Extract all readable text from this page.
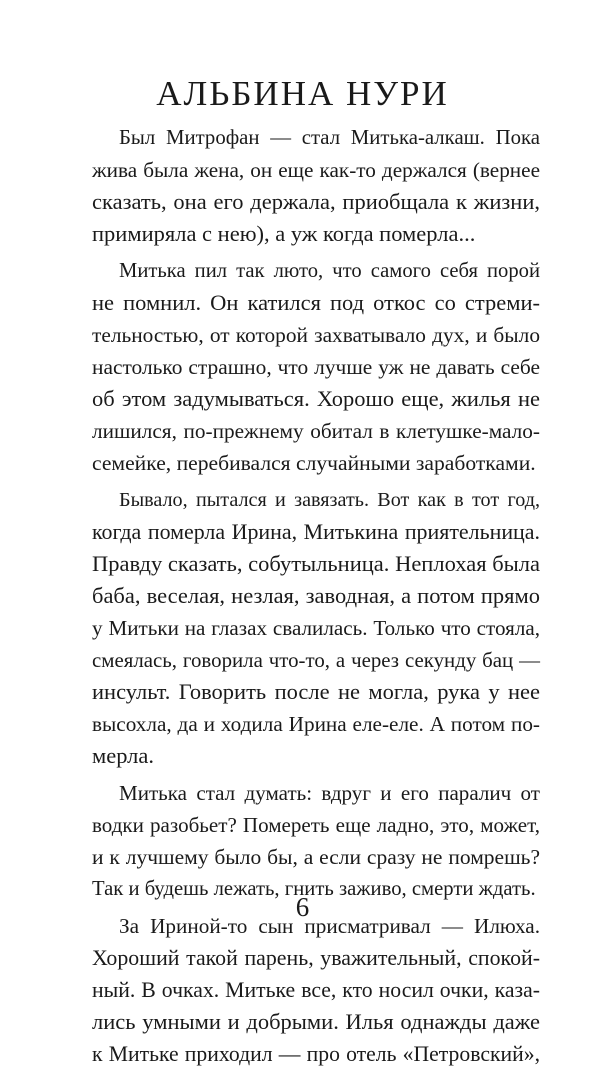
АЛЬБИНА НУРИ

Был Митрофан — стал Митька-алкаш. Пока
жива была жена, он еще как-то держался (вернее
сказать, она его держала, приобщала к жизни,
примиряла с нею), а уж когда померла...

Митька пил так люто, что самого себя порой
не помнил. Он катился под откос со стреми-
тельностью, от которой захватывало дух, и было
настолько страшно, что лучше уж не давать себе
об этом задумываться. Хорошо еще, жилья не
лишился, по-прежнему обитал в клетушке-мало-
семейке, перебивался случайными заработками.

Бывало, пытался и завязать. Вот как в тот год,
когда померла Ирина, Митькина приятельница.
Правду сказать, собутыльница. Неплохая была
баба, веселая, незлая, заводная, а потом прямо
у Митьки на глазах свалилась. Только что стояла,
смеялась, говорила что-то, а через секунду бац —
инсульт. Говорить после не могла, рука у нее
высохла, да и ходила Ирина еле-еле. А потом по-
мерла.

Митька стал думать: вдруг и его паралич от
водки разобьет? Помереть еще ладно, это, может,
и к лучшему было бы, а если сразу не помрешь?
Так и будешь лежать, гнить заживо, смерти ждать.

За Ириной-то сын присматривал — Илюха.
Хороший такой парень, уважительный, спокой-
ный. В очках. Митьке все, кто носил очки, каза-
лись умными и добрыми. Илья однажды даже
к Митьке приходил — про отель «Петровский»,

6
